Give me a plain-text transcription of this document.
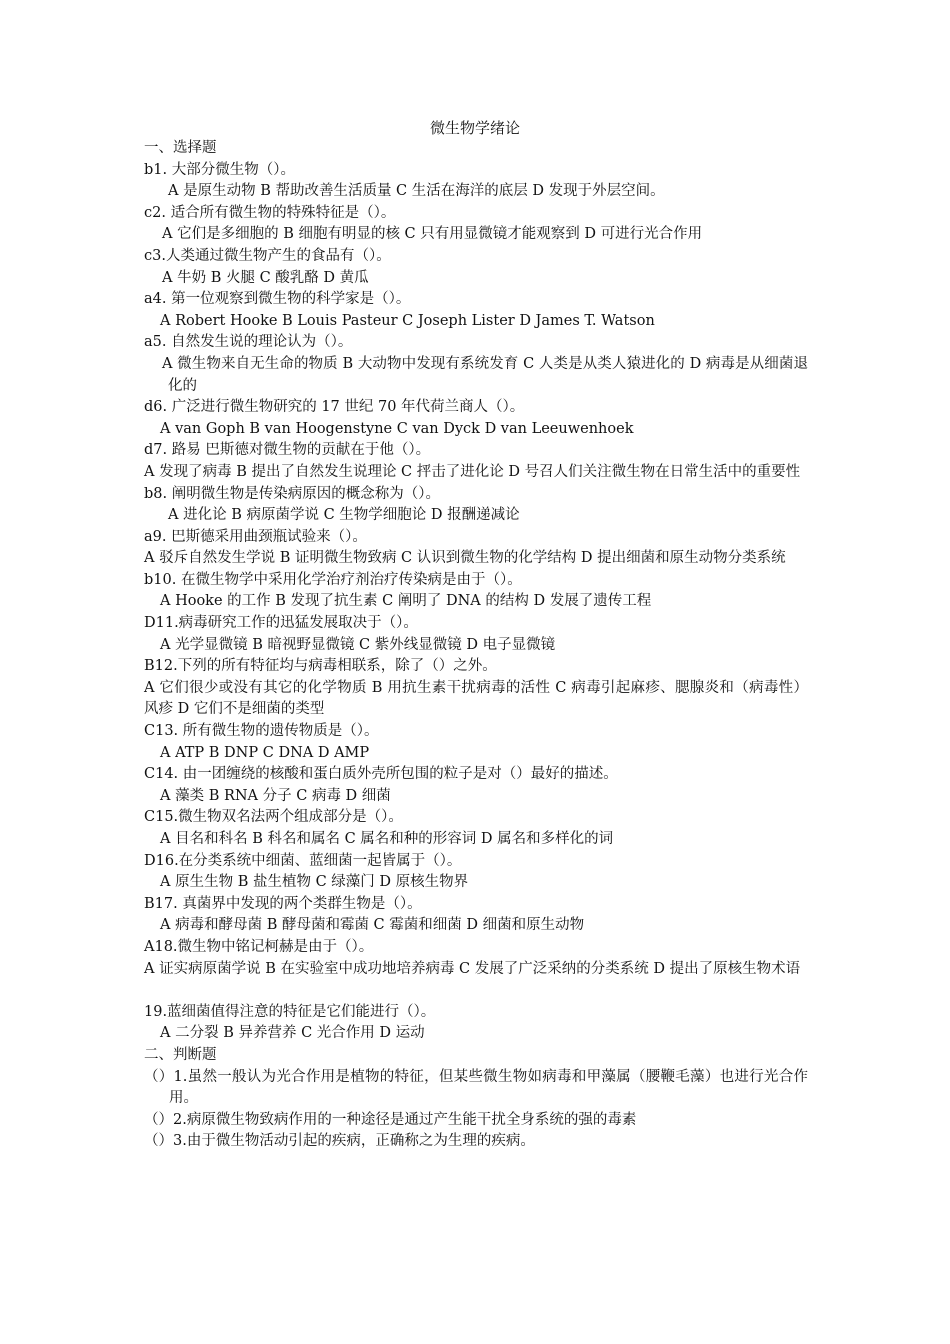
微生物学绪论
一、选择题
b1. 大部分微生物（）。
A 是原生动物 B 帮助改善生活质量 C 生活在海洋的底层 D 发现于外层空间。
c2. 适合所有微生物的特殊特征是（）。
A 它们是多细胞的 B 细胞有明显的核 C 只有用显微镜才能观察到 D 可进行光合作用
c3.人类通过微生物产生的食品有（）。
A 牛奶 B 火腿 C 酸乳酪 D 黄瓜
a4. 第一位观察到微生物的科学家是（）。
A Robert Hooke B Louis Pasteur C Joseph Lister D James T. Watson
a5. 自然发生说的理论认为（）。
A 微生物来自无生命的物质 B 大动物中发现有系统发育 C 人类是从类人猿进化的 D 病毒是从细菌退化的
d6. 广泛进行微生物研究的 17 世纪 70 年代荷兰商人（）。
A van Goph B van Hoogenstyne C van Dyck D van Leeuwenhoek
d7. 路易 巴斯德对微生物的贡献在于他（）。
A 发现了病毒 B 提出了自然发生说理论 C 抨击了进化论 D 号召人们关注微生物在日常生活中的重要性
b8. 阐明微生物是传染病原因的概念称为（）。
A 进化论 B 病原菌学说 C 生物学细胞论 D 报酬递减论
a9. 巴斯德采用曲颈瓶试验来（）。
A 驳斥自然发生学说 B 证明微生物致病 C 认识到微生物的化学结构 D 提出细菌和原生动物分类系统
b10. 在微生物学中采用化学治疗剂治疗传染病是由于（）。
A Hooke 的工作 B 发现了抗生素 C 阐明了 DNA 的结构 D 发展了遗传工程
D11.病毒研究工作的迅猛发展取决于（）。
A 光学显微镜 B 暗视野显微镜 C 紫外线显微镜 D 电子显微镜
B12.下列的所有特征均与病毒相联系，除了（）之外。
A 它们很少或没有其它的化学物质 B 用抗生素干扰病毒的活性 C 病毒引起麻疹、腮腺炎和（病毒性）风疹 D 它们不是细菌的类型
C13. 所有微生物的遗传物质是（）。
A ATP B DNP C DNA D AMP
C14. 由一团缠绕的核酸和蛋白质外壳所包围的粒子是对（）最好的描述。
A 藻类 B RNA 分子 C 病毒 D 细菌
C15.微生物双名法两个组成部分是（）。
A 目名和科名 B 科名和属名 C 属名和种的形容词 D 属名和多样化的词
D16.在分类系统中细菌、蓝细菌一起皆属于（）。
A 原生生物 B 盐生植物 C 绿藻门 D 原核生物界
B17. 真菌界中发现的两个类群生物是（）。
A 病毒和酵母菌 B 酵母菌和霉菌 C 霉菌和细菌 D 细菌和原生动物
A18.微生物中铭记柯赫是由于（）。
A 证实病原菌学说 B 在实验室中成功地培养病毒 C 发展了广泛采纳的分类系统 D 提出了原核生物术语
19.蓝细菌值得注意的特征是它们能进行（）。
A 二分裂 B 异养营养 C 光合作用 D 运动
二、判断题
（）1.虽然一般认为光合作用是植物的特征，但某些微生物如病毒和甲藻属（腰鞭毛藻）也进行光合作用。
（）2.病原微生物致病作用的一种途径是通过产生能干扰全身系统的强的毒素
（）3.由于微生物活动引起的疾病，正确称之为生理的疾病。
